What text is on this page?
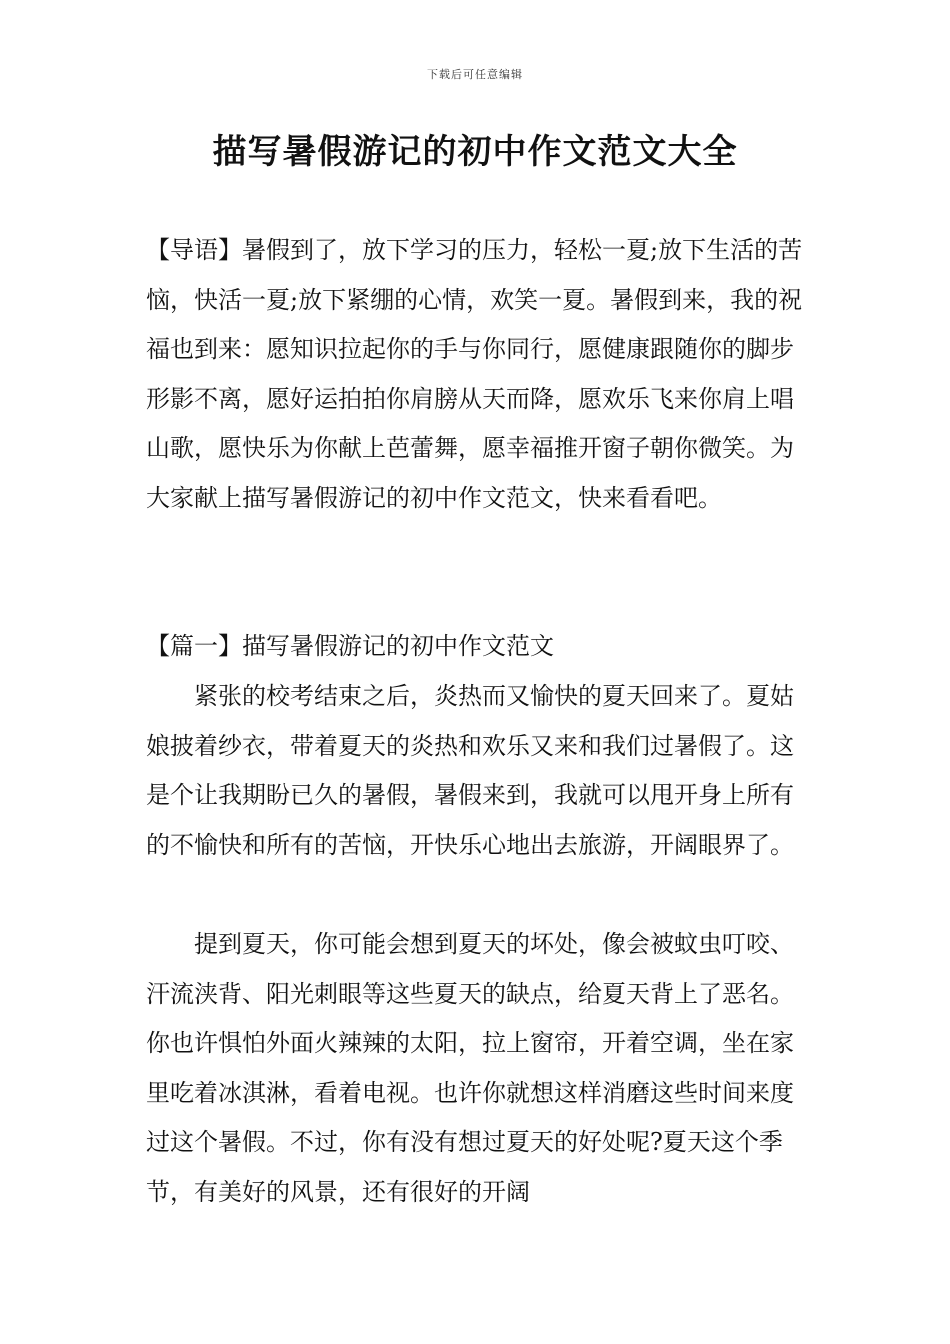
下载后可任意编辑
描写暑假游记的初中作文范文大全

【导语】暑假到了，放下学习的压力，轻松一夏;放下生活的苦恼，快活一夏;放下紧绷的心情，欢笑一夏。暑假到来，我的祝福也到来：愿知识拉起你的手与你同行，愿健康跟随你的脚步形影不离，愿好运拍拍你肩膀从天而降，愿欢乐飞来你肩上唱山歌，愿快乐为你献上芭蕾舞，愿幸福推开窗子朝你微笑。为大家献上描写暑假游记的初中作文范文，快来看看吧。

【篇一】描写暑假游记的初中作文范文

紧张的校考结束之后，炎热而又愉快的夏天回来了。夏姑娘披着纱衣，带着夏天的炎热和欢乐又来和我们过暑假了。这是个让我期盼已久的暑假，暑假来到，我就可以甩开身上所有的不愉快和所有的苦恼，开快乐心地出去旅游，开阔眼界了。

提到夏天，你可能会想到夏天的坏处，像会被蚊虫叮咬、汗流浃背、阳光刺眼等这些夏天的缺点，给夏天背上了恶名。你也许惧怕外面火辣辣的太阳，拉上窗帘，开着空调，坐在家里吃着冰淇淋，看着电视。也许你就想这样消磨这些时间来度过这个暑假。不过，你有没有想过夏天的好处呢?夏天这个季节，有美好的风景，还有很好的开阔
